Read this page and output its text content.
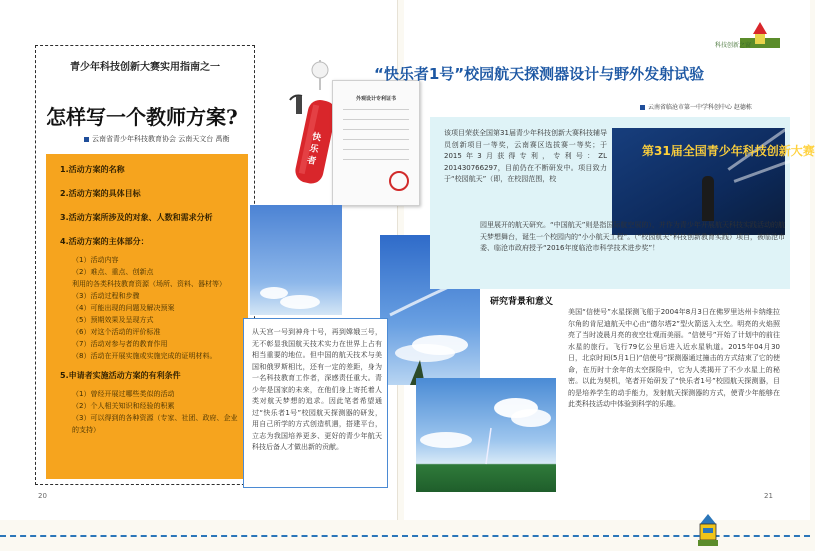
青少年科技创新大赛实用指南之一
怎样写一个教师方案?
云南省青少年科技教育协会 云南天文台 禹衡
1.活动方案的名称
2.活动方案的具体目标
3.活动方案所涉及的对象、人数和需求分析
4.活动方案的主体部分：
（1）活动内容
（2）难点、重点、创新点
利用的各类科技教育资源（场所、资料、器材等）
（3）活动过程和步骤
（4）可能出现的问题及解决预案
（5）预期效果及呈现方式
（6）对这个活动的评价标准
（7）活动对参与者的教育作用
（8）活动在开展实施或实施完成的证明材料。
5.申请者实施活动方案的有利条件
（1）曾经开展过哪些类似的活动
（2）个人相关知识和经验的积累
（3）可以得到的各种资源（专家、社团、政府、企业的支持）
20
快
乐
者
外观设计专利证书
从天宫一号到神舟十号，再到嫦娥三号，无不彰显我国航天技术实力在世界上占有相当重要的地位。但中国的航天技术与美国和俄罗斯相比，还有一定的差距，身为一名科技教育工作者，深感责任重大。青少年是国家的未来，在他们身上寄托着人类对航天梦想的追求。因此笔者希望通过“快乐者1号”校园航天探测器的研发，用自己所学的方式创造机遇，搭建平台，立志为我国培养更多、更好的青少年航天科技后备人才做出新的贡献。
“快乐者1号”校园航天探测器设计与野外发射试验
云南省临沧市第一中学科创中心 赵德栋
该项目荣获全国第31届青少年科技创新大赛科技辅导员创新项目一等奖，云南赛区选拔赛一等奖；于2015年3月获得专利，专利号：ZL 201430766297，目前仍在不断研发中。项目致力于“校园航天”（即，在校园范围，校
第31届全国青少年科技创新大赛
园里展开的航天研究。“中国航天”则是指国际航空展的），并作为青少年开展航天科技实践活动的航天梦想舞台，诞生一个校园内的“小小航天工程”。（“校园航天”科技创新教育实践）项目，被临沧市委、临沧市政府授予“2016年度临沧市科学技术进步奖”！
研究背景和意义
美国“信使号”水星探测飞船于2004年8月3日在佛罗里达州卡纳维拉尔角的肯尼迪航天中心由“德尔塔2”型火箭送入太空。明亮的火焰照亮了当时凌晨月亮的夜空壮观而美丽。“信使号”开始了计划中的前往水星的旅行。飞行79亿公里后进入近水星轨道。2015年04月30日，北京时间(5月1日)“信使号”探测器通过撞击的方式结束了它的使命，在历时十余年的太空探险中，它为人类揭开了不少水星上的秘密。以此为契机，笔者开始研发了“快乐者1号”校园航天探测器，目的是培养学生的动手能力，发射航天探测器的方式，使青少年能够在此类科技活动中体验到科学的乐趣。
21
科技创新之窗
